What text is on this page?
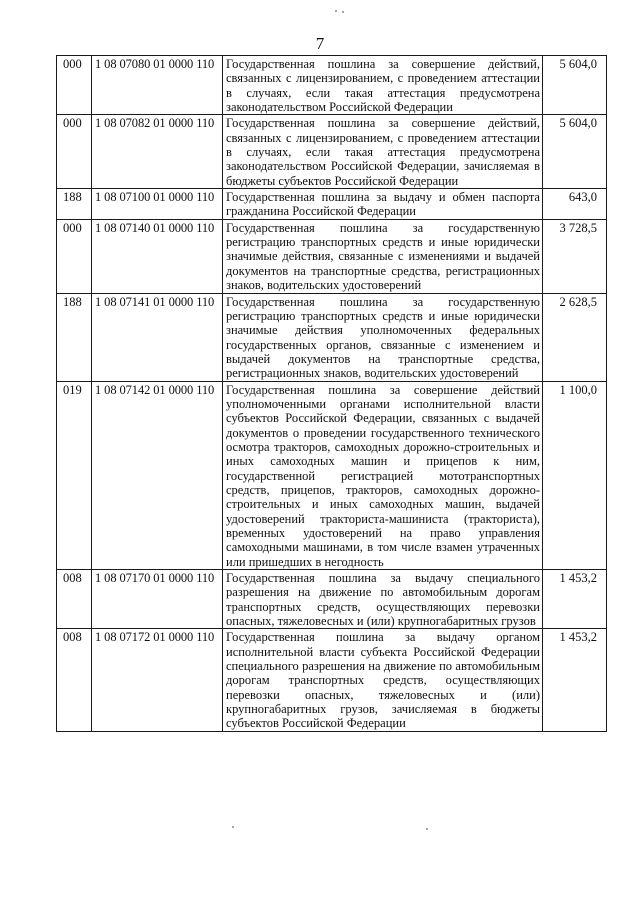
7
000	1 08 07080 01 0000 110	Государственная пошлина за совершение действий, связанных с лицензированием, с проведением аттестации в случаях, если такая аттестация предусмотрена законодательством Российской Федерации	5 604,0
000	1 08 07082 01 0000 110	Государственная пошлина за совершение действий, связанных с лицензированием, с проведением аттестации в случаях, если такая аттестация предусмотрена законодательством Российской Федерации, зачисляемая в бюджеты субъектов Российской Федерации	5 604,0
188	1 08 07100 01 0000 110	Государственная пошлина за выдачу и обмен паспорта гражданина Российской Федерации	643,0
000	1 08 07140 01 0000 110	Государственная пошлина за государственную регистрацию транспортных средств и иные юридически значимые действия, связанные с изменениями и выдачей документов на транспортные средства, регистрационных знаков, водительских удостоверений	3 728,5
188	1 08 07141 01 0000 110	Государственная пошлина за государственную регистрацию транспортных средств и иные юридически значимые действия уполномоченных федеральных государственных органов, связанные с изменением и выдачей документов на транспортные средства, регистрационных знаков, водительских удостоверений	2 628,5
019	1 08 07142 01 0000 110	Государственная пошлина за совершение действий уполномоченными органами исполнительной власти субъектов Российской Федерации, связанных с выдачей документов о проведении государственного технического осмотра тракторов, самоходных дорожно-строительных и иных самоходных машин и прицепов к ним, государственной регистрацией мототранспортных средств, прицепов, тракторов, самоходных дорожно-строительных и иных самоходных машин, выдачей удостоверений тракториста-машиниста (тракториста), временных удостоверений на право управления самоходными машинами, в том числе взамен утраченных или пришедших в негодность	1 100,0
008	1 08 07170 01 0000 110	Государственная пошлина за выдачу специального разрешения на движение по автомобильным дорогам транспортных средств, осуществляющих перевозки опасных, тяжеловесных и (или) крупногабаритных грузов	1 453,2
008	1 08 07172 01 0000 110	Государственная пошлина за выдачу органом исполнительной власти субъекта Российской Федерации специального разрешения на движение по автомобильным дорогам транспортных средств, осуществляющих перевозки опасных, тяжеловесных и (или) крупногабаритных грузов, зачисляемая в бюджеты субъектов Российской Федерации	1 453,2
